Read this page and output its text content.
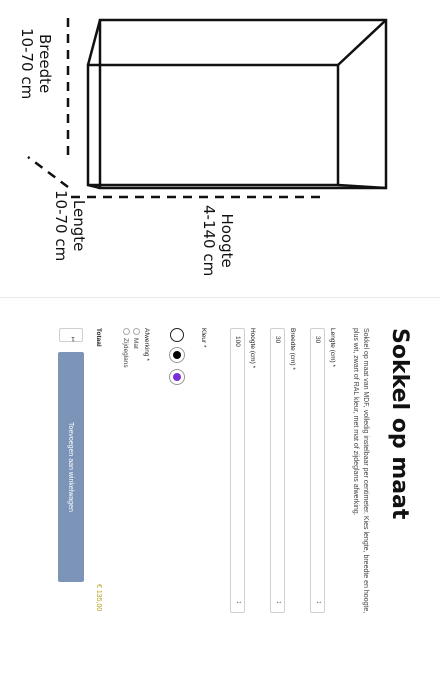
Hoogte
4-140 cm
Lengte
10-70 cm
Breedte
10-70 cm
Sokkel op maat
Sokkel op maat van MDF, volledig instelbaar per centimeter. Kies lengte, breedte en hoogte, plus wit, zwart of RAL kleur, met mat of zijdeglans afwerking.
Lengte (cm) *
30
↕
Breedte (cm) *
30
↕
Hoogte (cm) *
100
↕
Kleur *
Afwerking *
Mat
Zijdeglans
Totaal
€ 135,00
1
Toevoegen aan winkelwagen
